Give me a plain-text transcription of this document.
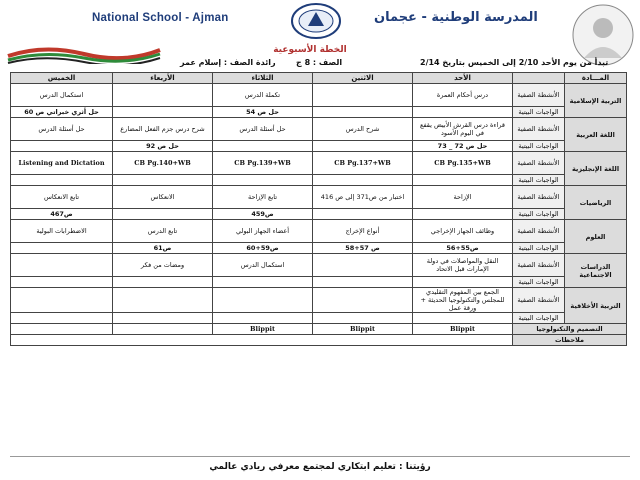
National School - Ajman	المدرسة الوطنية - عجمان
الخطة الأسبوعية
تبدأ من يوم الأحد 2/10 إلى الخميس بتاريخ 2/14
الصف : 8 ج
رائدة الصف : إسلام عمر
المـــادة		الأحد	الاثنين	الثلاثاء	الأربعاء	الخميس
التربية الإسلامية	الأنشطة الصفية	درس أحكام العمرة		تكملة الدرس		استكمال الدرس
	الواجبات البيتية			حل ص 54		حل أثري خبراتي ص 60
اللغة العربية	الأنشطة الصفية	قراءة درس القرش الأبيض يقفع في اليوم الأسود	شرح الدرس	حل أسئلة الدرس	شرح درس جزم الفعل المضارع	حل أسئلة الدرس
	الواجبات البيتية	حل ص 72 _ 73			حل ص 92	
اللغة الإنجليزية	الأنشطة الصفية	CB Pg.135+WB	CB Pg.137+WB	CB Pg.139+WB	CB Pg.140+WB	Listening and Dictation
	الواجبات البيتية					
الرياضيات	الأنشطة الصفية	الإزاحة	اختبار من ص371 إلى ص 416	تابع الإزاحة	الانعكاس	تابع الانعكاس
	الواجبات البيتية			ص459		ص467
العلوم	الأنشطة الصفية	وظائف الجهاز الإخراجي	أنواع الإخراج	أعضاء الجهاز البولي	تابع الدرس	الاضطرابات البولية
	الواجبات البيتية	ص55+56	ص 57+58	ص59+60	ص61	
الدراسات الاجتماعية	الأنشطة الصفية	النقل والمواصلات في دولة الإمارات قبل الاتحاد		استكمال الدرس	ومضات من فكر	
	الواجبات البيتية					
التربية الأخلاقية	الأنشطة الصفية	الجمع بين المفهوم التقليدي للمجلس والتكنولوجيا الحديثة + ورقة عمل				
	الواجبات البيتية					
التصميم والتكنولوجيا		Blippit	Blippit	Blippit		
ملاحظات						
رؤيتنا : تعليم ابتكاري لمجتمع معرفي ريادي عالمي
